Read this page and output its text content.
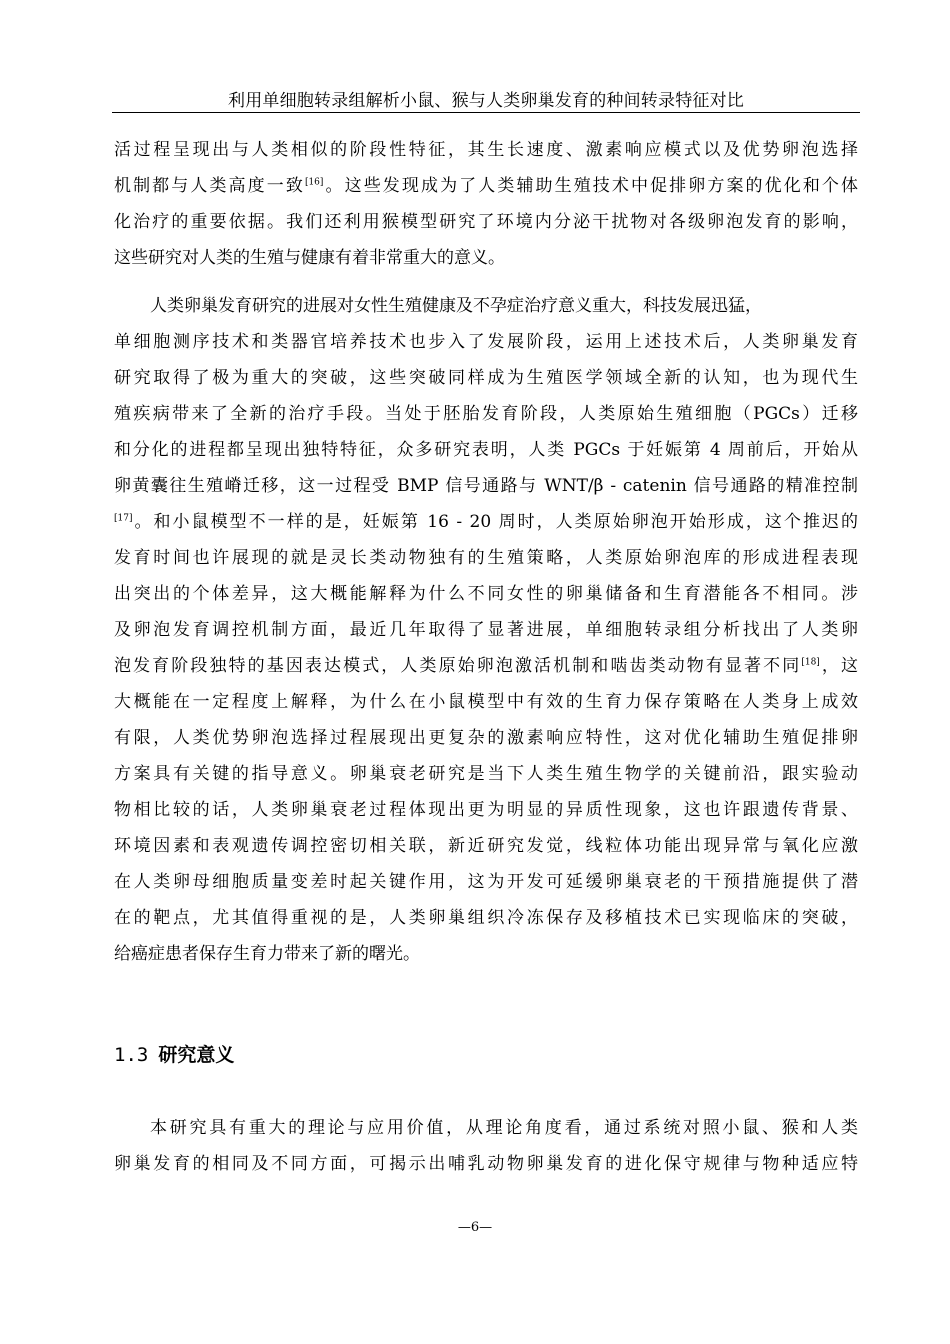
利用单细胞转录组解析小鼠、猴与人类卵巢发育的种间转录特征对比
活过程呈现出与人类相似的阶段性特征，其生长速度、激素响应模式以及优势卵泡选择
机制都与人类高度一致[16]。这些发现成为了人类辅助生殖技术中促排卵方案的优化和个体
化治疗的重要依据。我们还利用猴模型研究了环境内分泌干扰物对各级卵泡发育的影响，
这些研究对人类的生殖与健康有着非常重大的意义。
人类卵巢发育研究的进展对女性生殖健康及不孕症治疗意义重大，科技发展迅猛，
单细胞测序技术和类器官培养技术也步入了发展阶段，运用上述技术后，人类卵巢发育
研究取得了极为重大的突破，这些突破同样成为生殖医学领域全新的认知，也为现代生
殖疾病带来了全新的治疗手段。当处于胚胎发育阶段，人类原始生殖细胞（PGCs）迁移
和分化的进程都呈现出独特特征，众多研究表明，人类 PGCs 于妊娠第 4 周前后，开始从
卵黄囊往生殖嵴迁移，这一过程受 BMP 信号通路与 WNT/β - catenin 信号通路的精准控制
[17]。和小鼠模型不一样的是，妊娠第 16 - 20 周时，人类原始卵泡开始形成，这个推迟的
发育时间也许展现的就是灵长类动物独有的生殖策略，人类原始卵泡库的形成进程表现
出突出的个体差异，这大概能解释为什么不同女性的卵巢储备和生育潜能各不相同。涉
及卵泡发育调控机制方面，最近几年取得了显著进展，单细胞转录组分析找出了人类卵
泡发育阶段独特的基因表达模式，人类原始卵泡激活机制和啮齿类动物有显著不同[18]，这
大概能在一定程度上解释，为什么在小鼠模型中有效的生育力保存策略在人类身上成效
有限，人类优势卵泡选择过程展现出更复杂的激素响应特性，这对优化辅助生殖促排卵
方案具有关键的指导意义。卵巢衰老研究是当下人类生殖生物学的关键前沿，跟实验动
物相比较的话，人类卵巢衰老过程体现出更为明显的异质性现象，这也许跟遗传背景、
环境因素和表观遗传调控密切相关联，新近研究发觉，线粒体功能出现异常与氧化应激
在人类卵母细胞质量变差时起关键作用，这为开发可延缓卵巢衰老的干预措施提供了潜
在的靶点，尤其值得重视的是，人类卵巢组织冷冻保存及移植技术已实现临床的突破，
给癌症患者保存生育力带来了新的曙光。
1.3 研究意义
本研究具有重大的理论与应用价值，从理论角度看，通过系统对照小鼠、猴和人类
卵巢发育的相同及不同方面，可揭示出哺乳动物卵巢发育的进化保守规律与物种适应特
—6—
